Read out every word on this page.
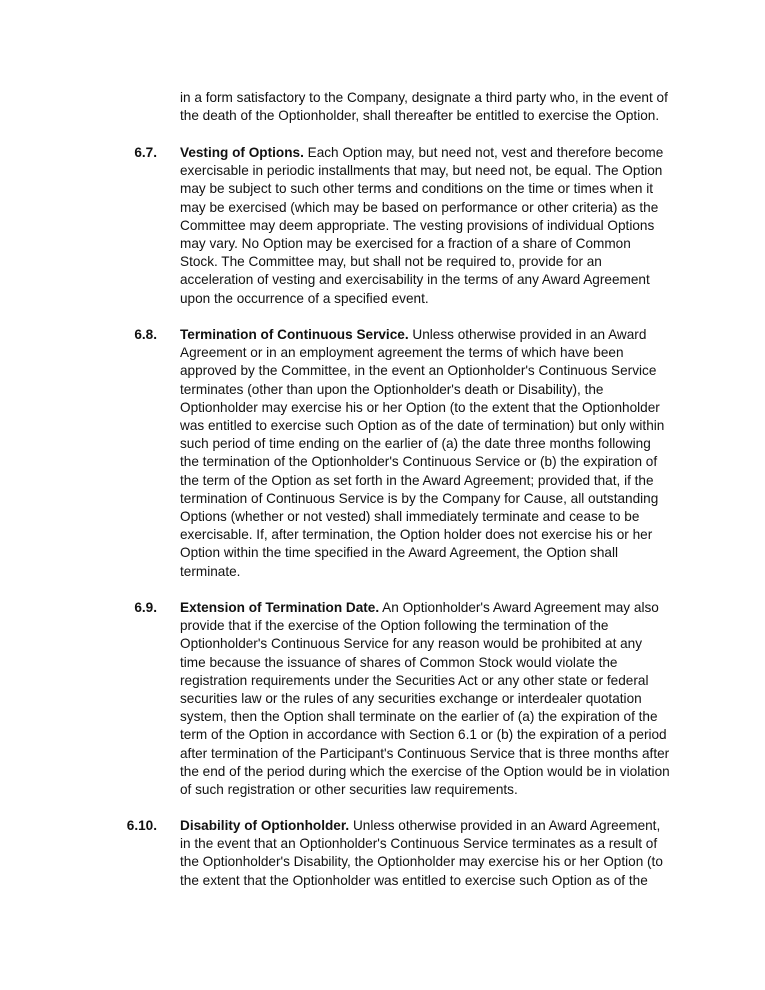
in a form satisfactory to the Company, designate a third party who, in the event of
the death of the Optionholder, shall thereafter be entitled to exercise the Option.

6.7. Vesting of Options. Each Option may, but need not, vest and therefore become
exercisable in periodic installments that may, but need not, be equal. The Option
may be subject to such other terms and conditions on the time or times when it
may be exercised (which may be based on performance or other criteria) as the
Committee may deem appropriate. The vesting provisions of individual Options
may vary. No Option may be exercised for a fraction of a share of Common
Stock. The Committee may, but shall not be required to, provide for an
acceleration of vesting and exercisability in the terms of any Award Agreement
upon the occurrence of a specified event.

6.8. Termination of Continuous Service. Unless otherwise provided in an Award
Agreement or in an employment agreement the terms of which have been
approved by the Committee, in the event an Optionholder's Continuous Service
terminates (other than upon the Optionholder's death or Disability), the
Optionholder may exercise his or her Option (to the extent that the Optionholder
was entitled to exercise such Option as of the date of termination) but only within
such period of time ending on the earlier of (a) the date three months following
the termination of the Optionholder's Continuous Service or (b) the expiration of
the term of the Option as set forth in the Award Agreement; provided that, if the
termination of Continuous Service is by the Company for Cause, all outstanding
Options (whether or not vested) shall immediately terminate and cease to be
exercisable. If, after termination, the Option holder does not exercise his or her
Option within the time specified in the Award Agreement, the Option shall
terminate.

6.9. Extension of Termination Date. An Optionholder's Award Agreement may also
provide that if the exercise of the Option following the termination of the
Optionholder's Continuous Service for any reason would be prohibited at any
time because the issuance of shares of Common Stock would violate the
registration requirements under the Securities Act or any other state or federal
securities law or the rules of any securities exchange or interdealer quotation
system, then the Option shall terminate on the earlier of (a) the expiration of the
term of the Option in accordance with Section 6.1 or (b) the expiration of a period
after termination of the Participant's Continuous Service that is three months after
the end of the period during which the exercise of the Option would be in violation
of such registration or other securities law requirements.

6.10. Disability of Optionholder. Unless otherwise provided in an Award Agreement,
in the event that an Optionholder's Continuous Service terminates as a result of
the Optionholder's Disability, the Optionholder may exercise his or her Option (to
the extent that the Optionholder was entitled to exercise such Option as of the
